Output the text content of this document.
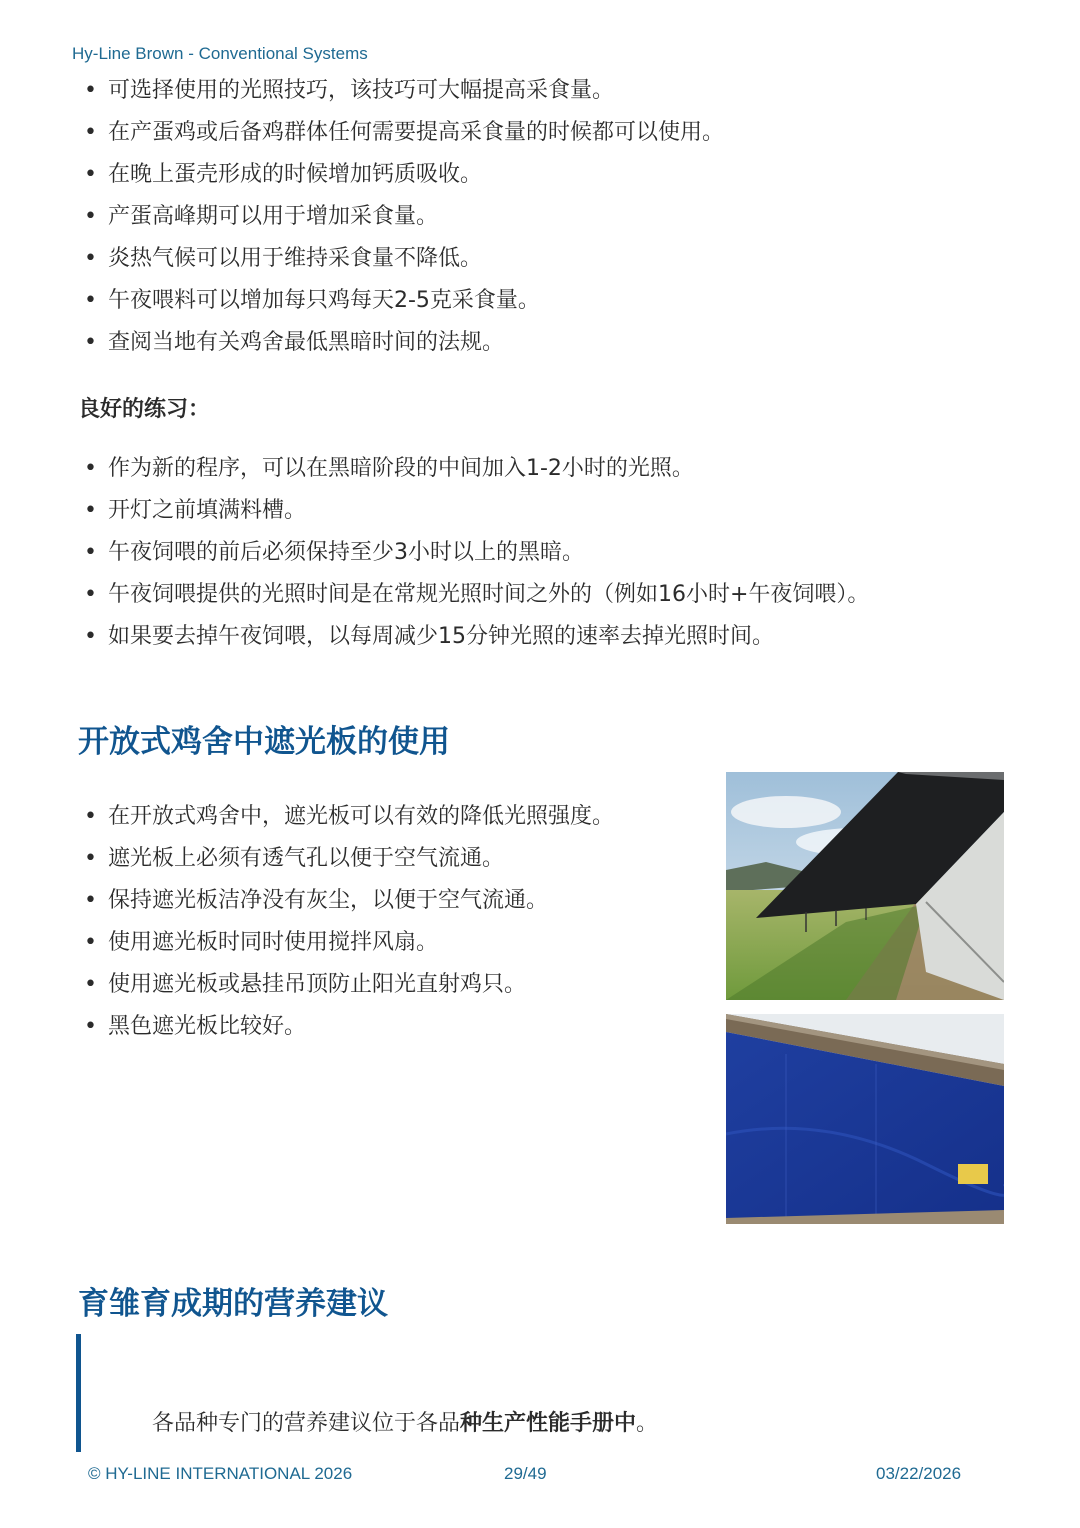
Hy-Line Brown - Conventional Systems
• 可选择使用的光照技巧，该技巧可大幅提高采食量。
• 在产蛋鸡或后备鸡群体任何需要提高采食量的时候都可以使用。
• 在晚上蛋壳形成的时候增加钙质吸收。
• 产蛋高峰期可以用于增加采食量。
• 炎热气候可以用于维持采食量不降低。
• 午夜喂料可以增加每只鸡每天2-5克采食量。
• 查阅当地有关鸡舍最低黑暗时间的法规。
良好的练习：
• 作为新的程序，可以在黑暗阶段的中间加入1-2小时的光照。
• 开灯之前填满料槽。
• 午夜饲喂的前后必须保持至少3小时以上的黑暗。
• 午夜饲喂提供的光照时间是在常规光照时间之外的（例如16小时+午夜饲喂）。
• 如果要去掉午夜饲喂，以每周减少15分钟光照的速率去掉光照时间。
开放式鸡舍中遮光板的使用
• 在开放式鸡舍中，遮光板可以有效的降低光照强度。
• 遮光板上必须有透气孔以便于空气流通。
• 保持遮光板洁净没有灰尘，以便于空气流通。
• 使用遮光板时同时使用搅拌风扇。
• 使用遮光板或悬挂吊顶防止阳光直射鸡只。
• 黑色遮光板比较好。
育雏育成期的营养建议
各品种专门的营养建议位于各品种生产性能手册中。
© HY-LINE INTERNATIONAL 2026	29/49	03/22/2026
